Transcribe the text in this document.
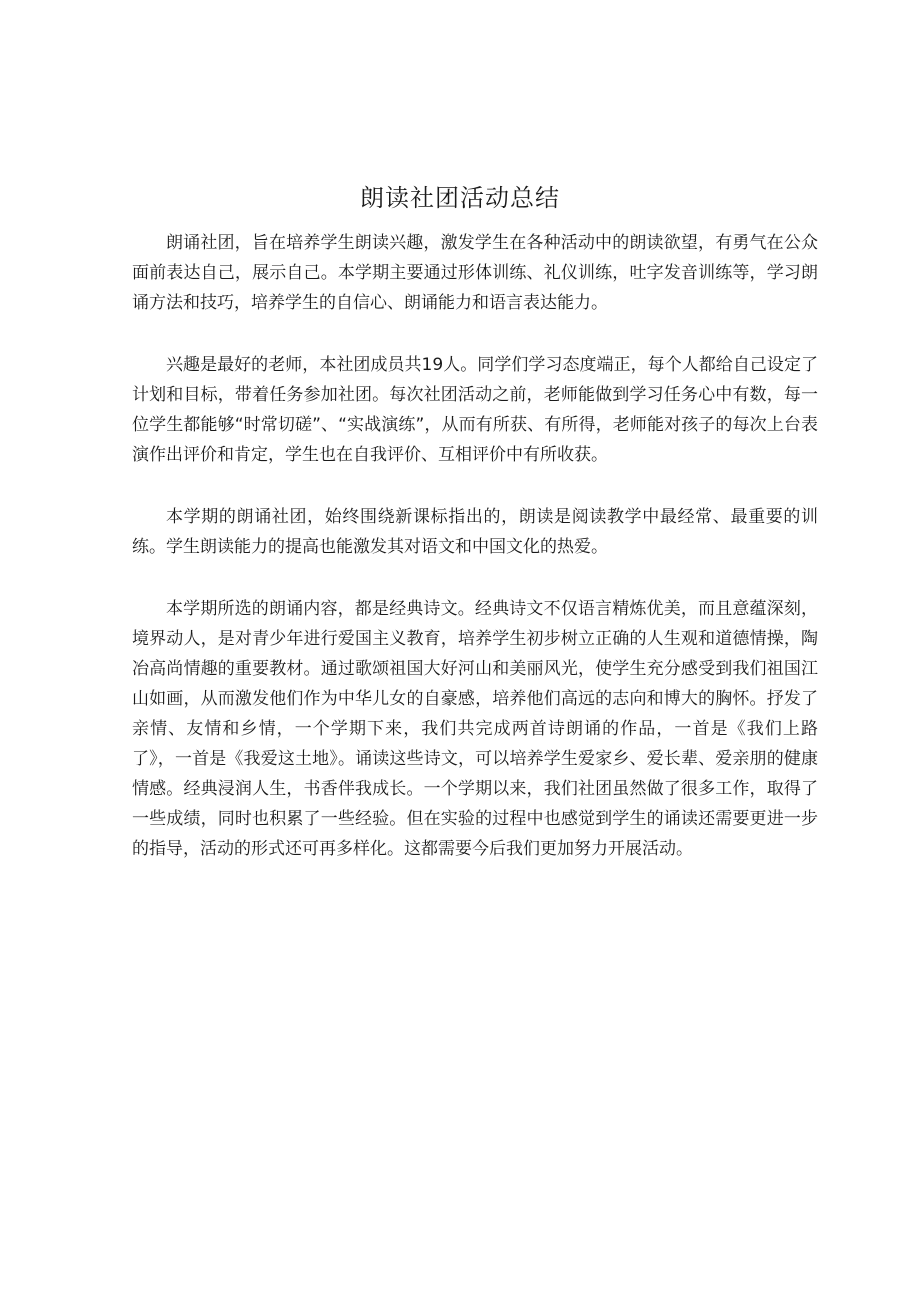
朗读社团活动总结

朗诵社团，旨在培养学生朗读兴趣，激发学生在各种活动中的朗读欲望，有勇气在公众面前表达自己，展示自己。本学期主要通过形体训练、礼仪训练，吐字发音训练等，学习朗诵方法和技巧，培养学生的自信心、朗诵能力和语言表达能力。

兴趣是最好的老师，本社团成员共19人。同学们学习态度端正，每个人都给自己设定了计划和目标，带着任务参加社团。每次社团活动之前，老师能做到学习任务心中有数，每一位学生都能够“时常切磋”、“实战演练”，从而有所获、有所得，老师能对孩子的每次上台表演作出评价和肯定，学生也在自我评价、互相评价中有所收获。

本学期的朗诵社团，始终围绕新课标指出的，朗读是阅读教学中最经常、最重要的训练。学生朗读能力的提高也能激发其对语文和中国文化的热爱。

本学期所选的朗诵内容，都是经典诗文。经典诗文不仅语言精炼优美，而且意蕴深刻，境界动人，是对青少年进行爱国主义教育，培养学生初步树立正确的人生观和道德情操，陶冶高尚情趣的重要教材。通过歌颂祖国大好河山和美丽风光，使学生充分感受到我们祖国江山如画，从而激发他们作为中华儿女的自豪感，培养他们高远的志向和博大的胸怀。抒发了亲情、友情和乡情，一个学期下来，我们共完成两首诗朗诵的作品，一首是《我们上路了》，一首是《我爱这土地》。诵读这些诗文，可以培养学生爱家乡、爱长辈、爱亲朋的健康情感。经典浸润人生，书香伴我成长。一个学期以来，我们社团虽然做了很多工作，取得了一些成绩，同时也积累了一些经验。但在实验的过程中也感觉到学生的诵读还需要更进一步的指导，活动的形式还可再多样化。这都需要今后我们更加努力开展活动。
